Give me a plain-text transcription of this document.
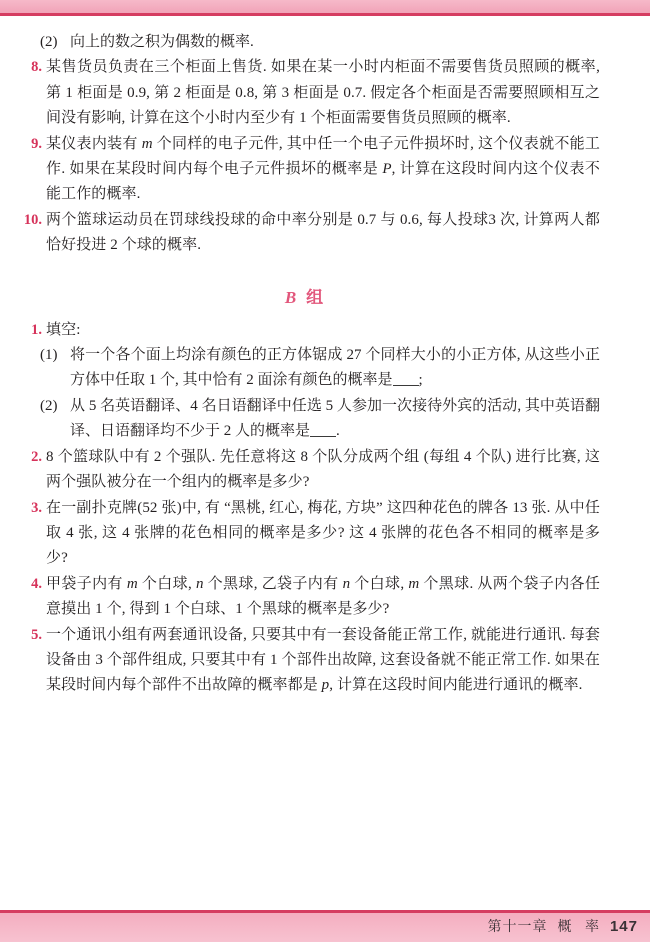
(2) 向上的数之积为偶数的概率.
8. 某售货员负责在三个柜面上售货. 如果在某一小时内柜面不需要售货员照顾的概率, 第 1 柜面是 0.9, 第 2 柜面是 0.8, 第 3 柜面是 0.7. 假定各个柜面是否需要照顾相互之间没有影响, 计算在这个小时内至少有 1 个柜面需要售货员照顾的概率.
9. 某仪表内装有 m 个同样的电子元件, 其中任一个电子元件损坏时, 这个仪表就不能工作. 如果在某段时间内每个电子元件损坏的概率是 P, 计算在这段时间内这个仪表不能工作的概率.
10. 两个篮球运动员在罚球线投球的命中率分别是 0.7 与 0.6, 每人投球3 次, 计算两人都恰好投进 2 个球的概率.
B 组
1. 填空:
(1) 将一个各个面上均涂有颜色的正方体锯成 27 个同样大小的小正方体, 从这些小正方体中任取 1 个, 其中恰有 2 面涂有颜色的概率是 ;
(2) 从 5 名英语翻译、4 名日语翻译中任选 5 人参加一次接待外宾的活动, 其中英语翻译、日语翻译均不少于 2 人的概率是 .
2. 8 个篮球队中有 2 个强队. 先任意将这 8 个队分成两个组 (每组 4 个队) 进行比赛, 这两个强队被分在一个组内的概率是多少?
3. 在一副扑克牌(52 张)中, 有 “黑桃, 红心, 梅花, 方块” 这四种花色的牌各 13 张. 从中任取 4 张, 这 4 张牌的花色相同的概率是多少? 这 4 张牌的花色各不相同的概率是多少?
4. 甲袋子内有 m 个白球, n 个黑球, 乙袋子内有 n 个白球, m 个黑球. 从两个袋子内各任意摸出 1 个, 得到 1 个白球、1 个黑球的概率是多少?
5. 一个通讯小组有两套通讯设备, 只要其中有一套设备能正常工作, 就能进行通讯. 每套设备由 3 个部件组成, 只要其中有 1 个部件出故障, 这套设备就不能正常工作. 如果在某段时间内每个部件不出故障的概率都是 p, 计算在这段时间内能进行通讯的概率.
第十一章 概 率 147
